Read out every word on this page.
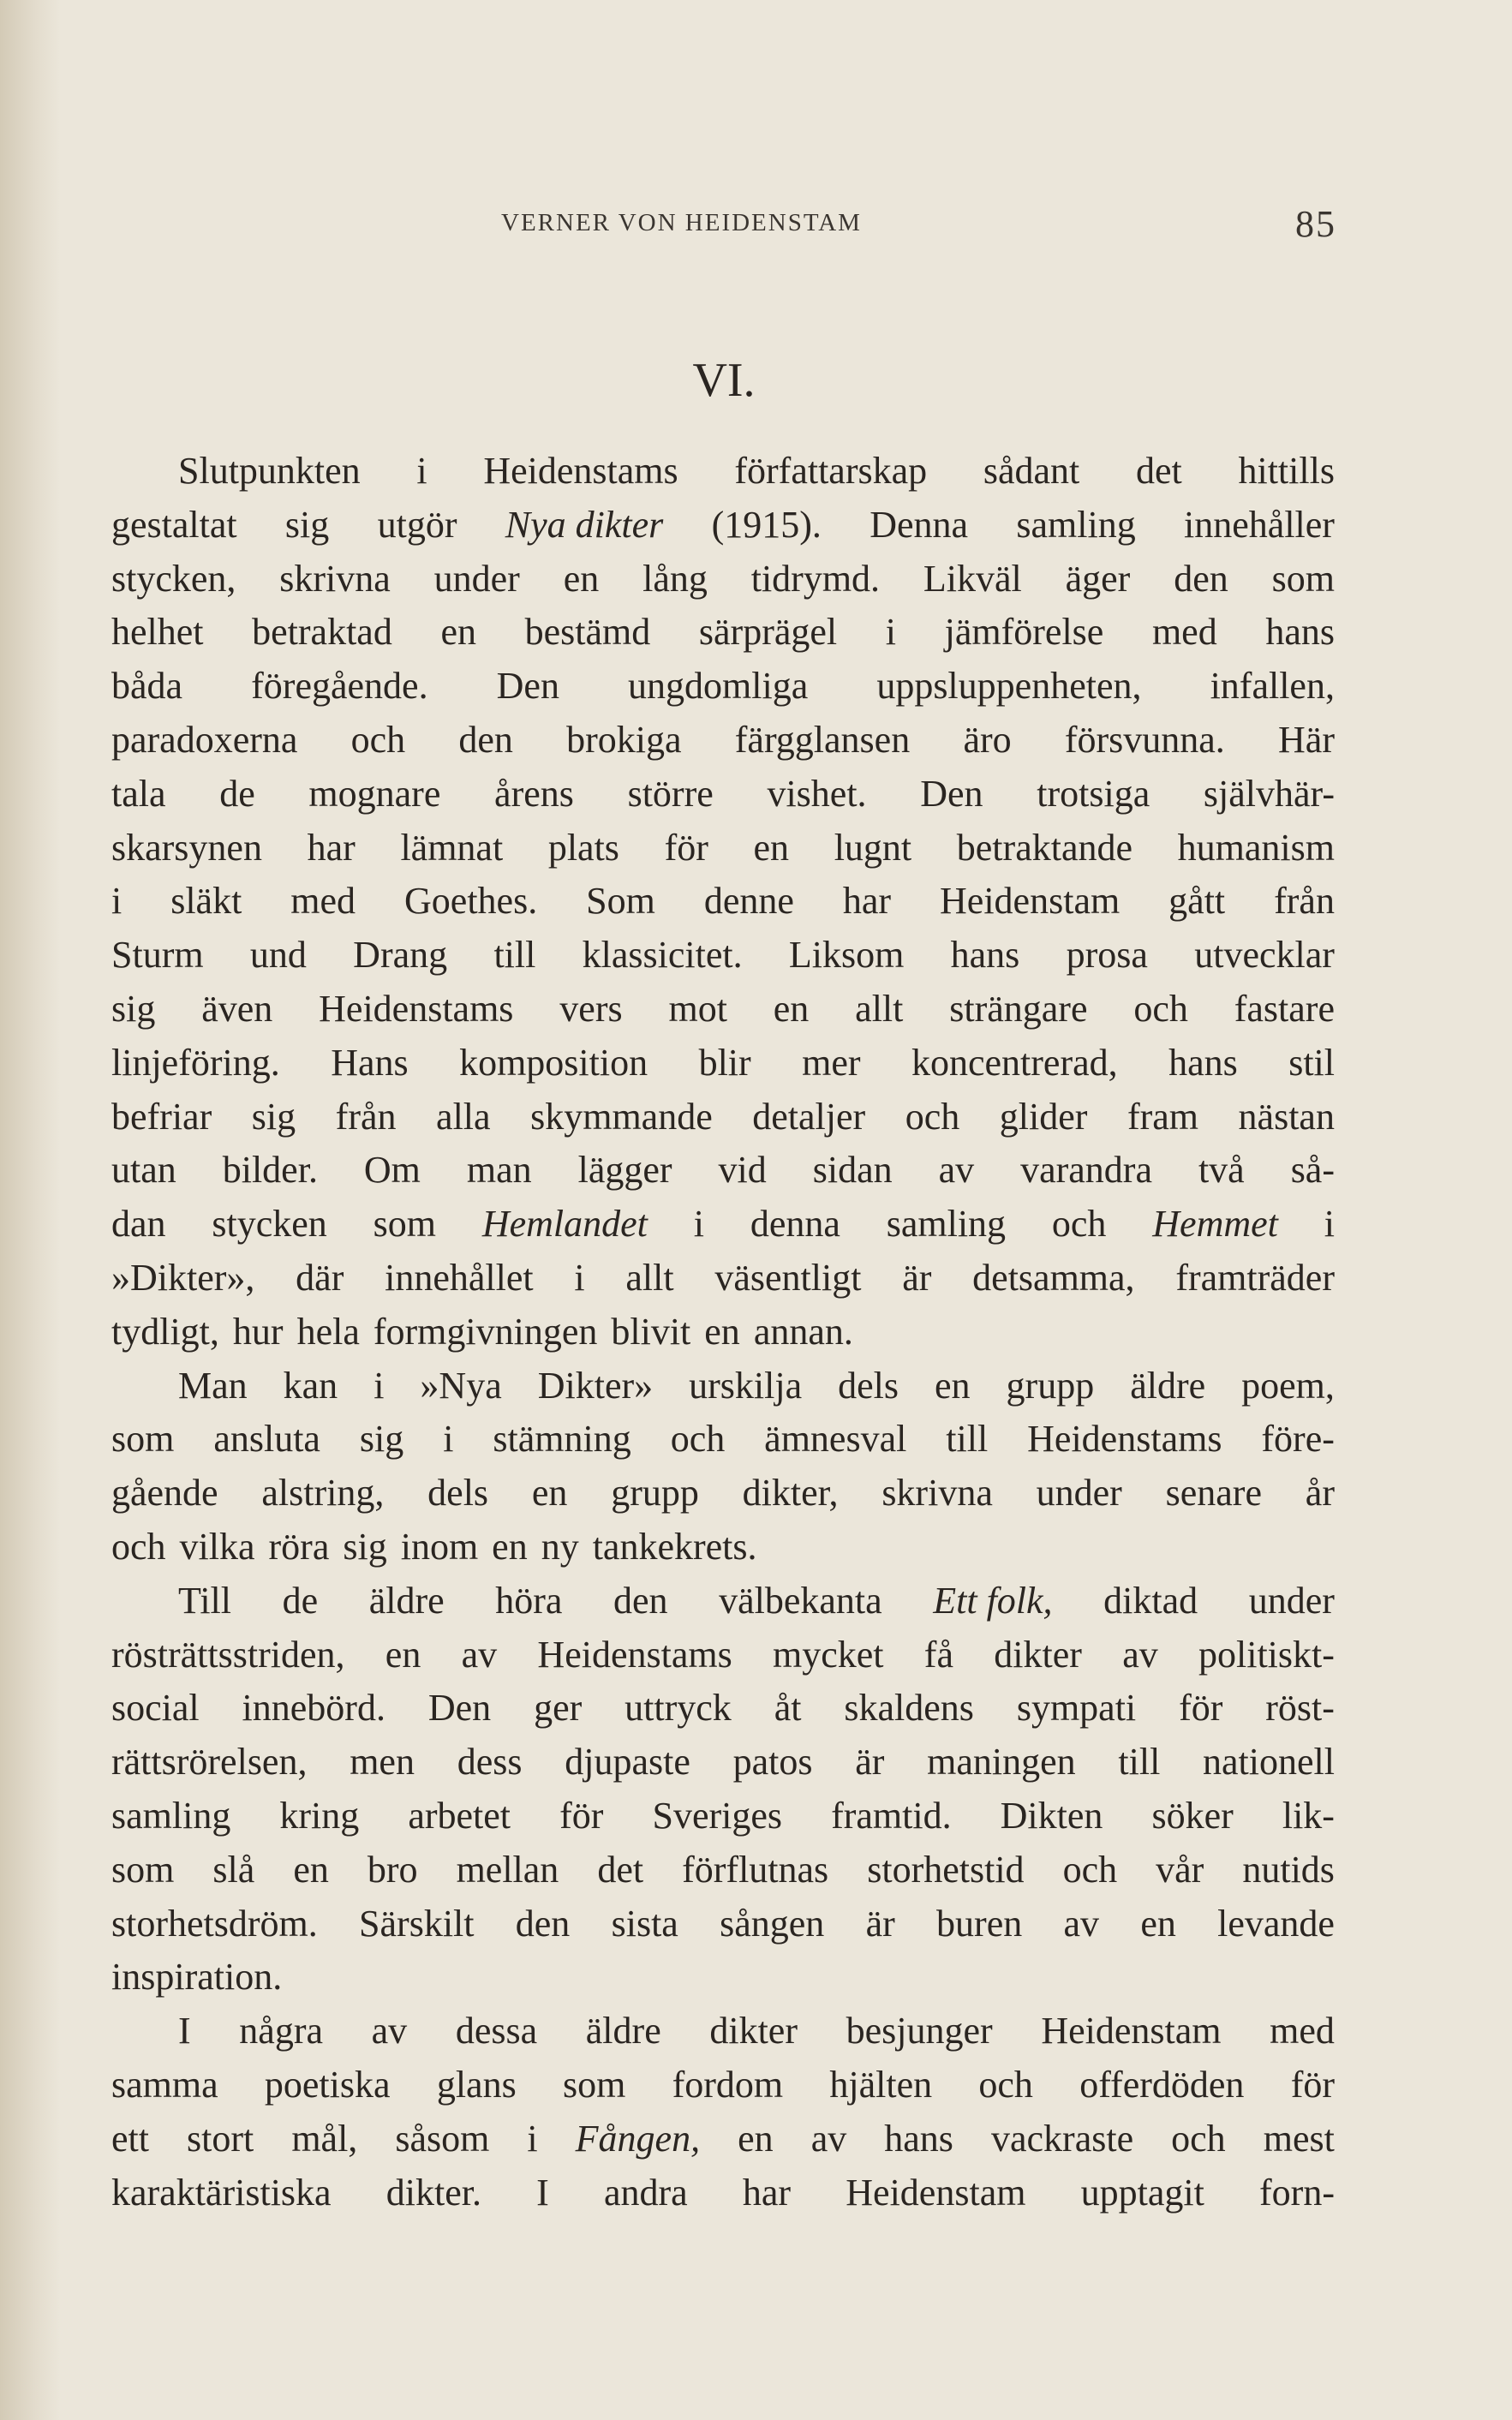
VERNER VON HEIDENSTAM	85
VI.
Slutpunkten i Heidenstams författarskap sådant det hittills
gestaltat sig utgör Nya dikter (1915). Denna samling innehåller
stycken, skrivna under en lång tidrymd. Likväl äger den som
helhet betraktad en bestämd särprägel i jämförelse med hans
båda föregående. Den ungdomliga uppsluppenheten, infallen,
paradoxerna och den brokiga färgglansen äro försvunna. Här
tala de mognare årens större vishet. Den trotsiga självhär-
skarsynen har lämnat plats för en lugnt betraktande humanism
i släkt med Goethes. Som denne har Heidenstam gått från
Sturm und Drang till klassicitet. Liksom hans prosa utvecklar
sig även Heidenstams vers mot en allt strängare och fastare
linjeföring. Hans komposition blir mer koncentrerad, hans stil
befriar sig från alla skymmande detaljer och glider fram nästan
utan bilder. Om man lägger vid sidan av varandra två så-
dan stycken som Hemlandet i denna samling och Hemmet i
»Dikter», där innehållet i allt väsentligt är detsamma, framträder
tydligt, hur hela formgivningen blivit en annan.
Man kan i »Nya Dikter» urskilja dels en grupp äldre poem,
som ansluta sig i stämning och ämnesval till Heidenstams före-
gående alstring, dels en grupp dikter, skrivna under senare år
och vilka röra sig inom en ny tankekrets.
Till de äldre höra den välbekanta Ett folk, diktad under
rösträttsstriden, en av Heidenstams mycket få dikter av politiskt-
social innebörd. Den ger uttryck åt skaldens sympati för röst-
rättsrörelsen, men dess djupaste patos är maningen till nationell
samling kring arbetet för Sveriges framtid. Dikten söker lik-
som slå en bro mellan det förflutnas storhetstid och vår nutids
storhetsdröm. Särskilt den sista sången är buren av en levande
inspiration.
I några av dessa äldre dikter besjunger Heidenstam med
samma poetiska glans som fordom hjälten och offerdöden för
ett stort mål, såsom i Fången, en av hans vackraste och mest
karaktäristiska dikter. I andra har Heidenstam upptagit forn-
